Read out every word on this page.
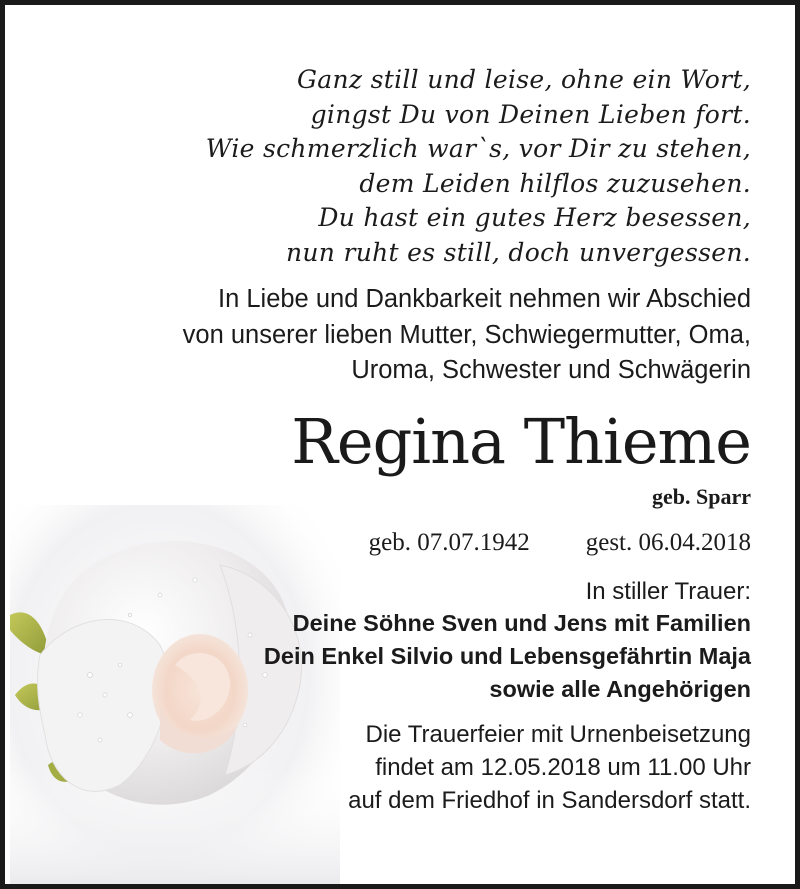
Ganz still und leise, ohne ein Wort,
gingst Du von Deinen Lieben fort.
Wie schmerzlich war`s, vor Dir zu stehen,
dem Leiden hilflos zuzusehen.
Du hast ein gutes Herz besessen,
nun ruht es still, doch unvergessen.
In Liebe und Dankbarkeit nehmen wir Abschied
von unserer lieben Mutter, Schwiegermutter, Oma,
Uroma, Schwester und Schwägerin
Regina Thieme
geb. Sparr
geb. 07.07.1942 gest. 06.04.2018
In stiller Trauer:
Deine Söhne Sven und Jens mit Familien
Dein Enkel Silvio und Lebensgefährtin Maja
sowie alle Angehörigen
Die Trauerfeier mit Urnenbeisetzung
findet am 12.05.2018 um 11.00 Uhr
auf dem Friedhof in Sandersdorf statt.
